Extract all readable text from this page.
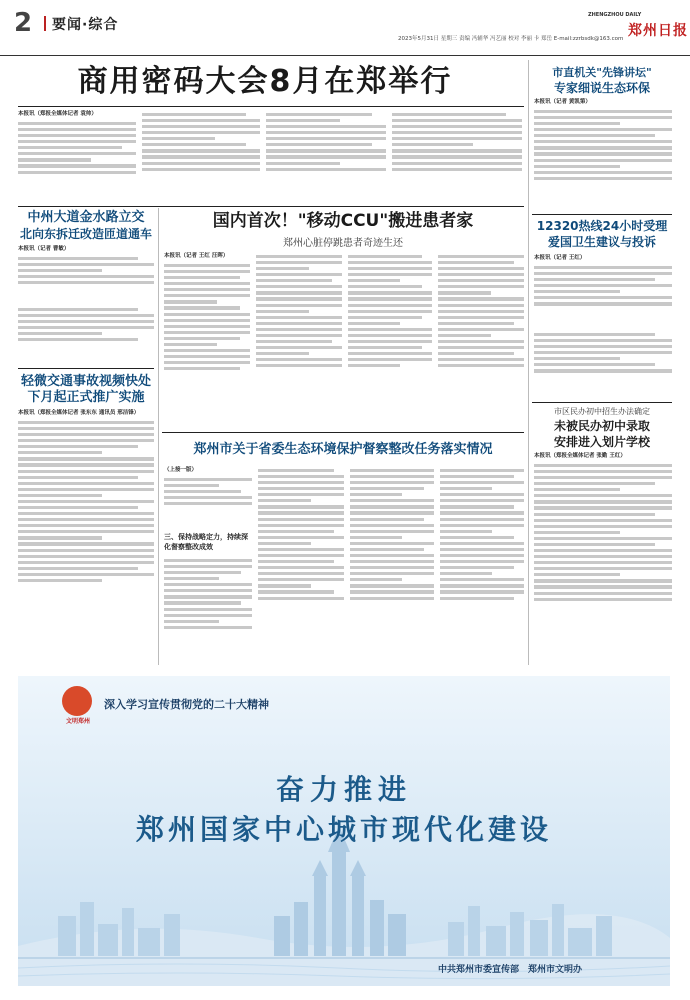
2 要闻·综合
ZHENGZHOU DAILY
2023年5月31日 星期三 责编 冯辅华 冯艺丽 校对 李丽 卡 郑岳 E-mail:zzrbsdk@163.com 郑州日报
商用密码大会8月在郑举行
本报讯（郑报全媒体记者 袁帅）
中州大道金水路立交
北向东拆迁改造匝道通车
本报讯（记者 曹敏）
轻微交通事故视频快处
下月起正式推广实施
本报讯（郑报全媒体记者 张东东 通讯员 邢洁锋）
国内首次！"移动CCU"搬进患者家
郑州心脏停跳患者奇迹生还
本报讯（记者 王红 汪晖）
郑州市关于省委生态环境保护督察整改任务落实情况
（上接一版）
三、保持战略定力，持续深化督察整改成效
市直机关"先锋讲坛"
专家细说生态环保
本报讯（记者 黄凯第）
12320热线24小时受理
爱国卫生建议与投诉
本报讯（记者 王红）
市区民办初中招生办法确定
未被民办初中录取
安排进入划片学校
本报讯（郑报全媒体记者 张勤 王红）
文明郑州
深入学习宣传贯彻党的二十大精神
奋力推进
郑州国家中心城市现代化建设
中共郑州市委宣传部　郑州市文明办
